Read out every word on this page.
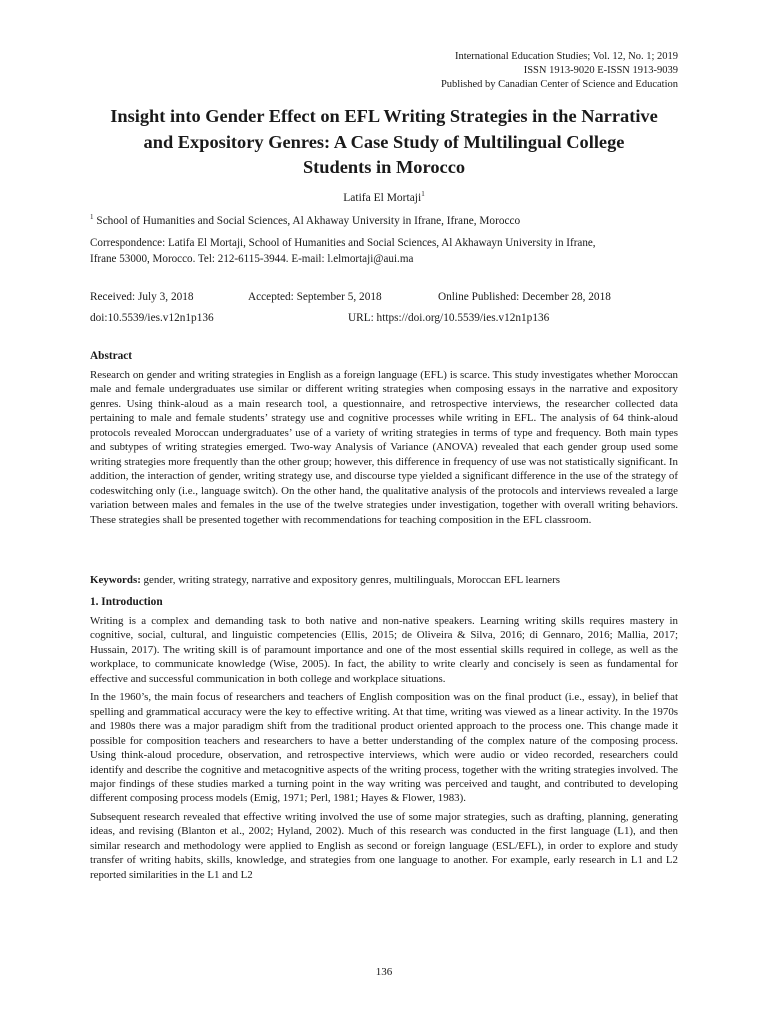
International Education Studies; Vol. 12, No. 1; 2019
ISSN 1913-9020 E-ISSN 1913-9039
Published by Canadian Center of Science and Education
Insight into Gender Effect on EFL Writing Strategies in the Narrative
and Expository Genres: A Case Study of Multilingual College
Students in Morocco
Latifa El Mortaji$^1$
$^1$ School of Humanities and Social Sciences, Al Akhaway University in Ifrane, Ifrane, Morocco
Correspondence: Latifa El Mortaji, School of Humanities and Social Sciences, Al Akhawayn University in Ifrane,
Ifrane 53000, Morocco. Tel: 212-6115-3944. E-mail: l.elmortaji@aui.ma
Received: July 3, 2018	Accepted: September 5, 2018	Online Published: December 28, 2018
doi:10.5539/ies.v12n1p136	URL: https://doi.org/10.5539/ies.v12n1p136
Abstract

Research on gender and writing strategies in English as a foreign language (EFL) is scarce. This study investigates whether Moroccan male and female undergraduates use similar or different writing strategies when composing essays in the narrative and expository genres. Using think-aloud as a main research tool, a questionnaire, and retrospective interviews, the researcher collected data pertaining to male and female students’ strategy use and cognitive processes while writing in EFL. The analysis of 64 think-aloud protocols revealed Moroccan undergraduates’ use of a variety of writing strategies in terms of type and frequency. Both main types and subtypes of writing strategies emerged. Two-way Analysis of Variance (ANOVA) revealed that each gender group used some writing strategies more frequently than the other group; however, this difference in frequency of use was not statistically significant. In addition, the interaction of gender, writing strategy use, and discourse type yielded a significant difference in the use of the strategy of codeswitching only (i.e., language switch). On the other hand, the qualitative analysis of the protocols and interviews revealed a large variation between males and females in the use of the twelve strategies under investigation, together with overall writing behaviors. These strategies shall be presented together with recommendations for teaching composition in the EFL classroom.

Keywords: gender, writing strategy, narrative and expository genres, multilinguals, Moroccan EFL learners
1. Introduction

Writing is a complex and demanding task to both native and non-native speakers. Learning writing skills requires mastery in cognitive, social, cultural, and linguistic competencies (Ellis, 2015; de Oliveira & Silva, 2016; di Gennaro, 2016; Mallia, 2017; Hussain, 2017). The writing skill is of paramount importance and one of the most essential skills required in college, as well as the workplace, to communicate knowledge (Wise, 2005). In fact, the ability to write clearly and concisely is seen as fundamental for effective and successful communication in both college and workplace situations.

In the 1960’s, the main focus of researchers and teachers of English composition was on the final product (i.e., essay), in belief that spelling and grammatical accuracy were the key to effective writing. At that time, writing was viewed as a linear activity. In the 1970s and 1980s there was a major paradigm shift from the traditional product oriented approach to the process one. This change made it possible for composition teachers and researchers to have a better understanding of the complex nature of the composing process. Using think-aloud procedure, observation, and retrospective interviews, which were audio or video recorded, researchers could identify and describe the cognitive and metacognitive aspects of the writing process, together with the writing strategies involved. The major findings of these studies marked a turning point in the way writing was perceived and taught, and contributed to developing different composing process models (Emig, 1971; Perl, 1981; Hayes & Flower, 1983).

Subsequent research revealed that effective writing involved the use of some major strategies, such as drafting, planning, generating ideas, and revising (Blanton et al., 2002; Hyland, 2002). Much of this research was conducted in the first language (L1), and then similar research and methodology were applied to English as second or foreign language (ESL/EFL), in order to explore and study transfer of writing habits, skills, knowledge, and strategies from one language to another. For example, early research in L1 and L2 reported similarities in the L1 and L2

136
